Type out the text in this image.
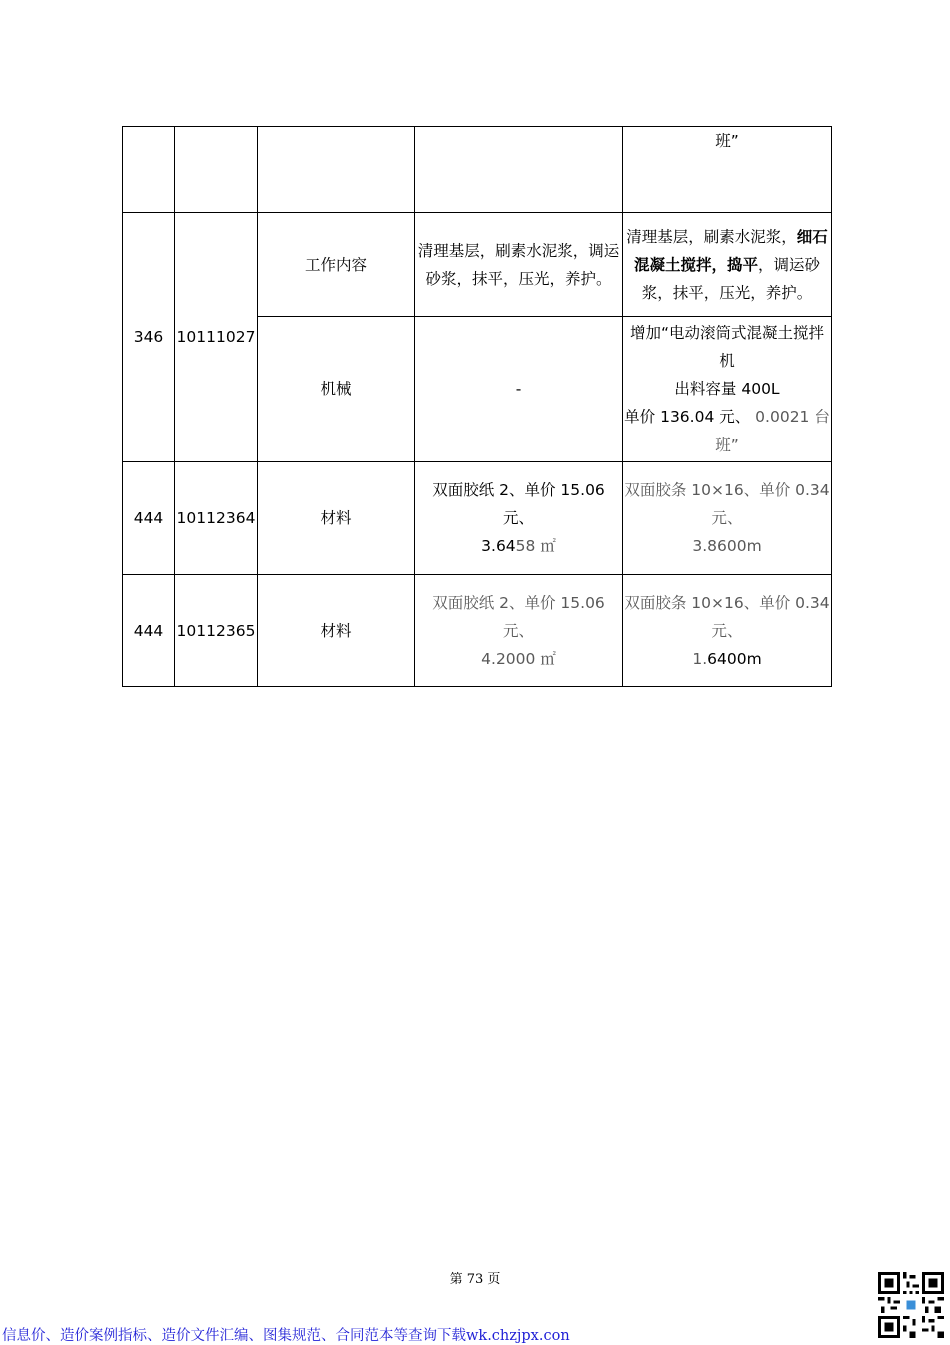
				班”
346	10111027	工作内容	清理基层，刷素水泥浆，调运砂浆，抹平，压光，养护。	清理基层，刷素水泥浆，细石混凝土搅拌，捣平，调运砂浆，抹平，压光，养护。
		机械	-	增加“电动滚筒式混凝土搅拌机
出料容量 400L
单价 136.04 元、 0.0021 台班”

444	10112364	材料	双面胶纸 2、单价 15.06 元、
3.6458 ㎡	双面胶条 10×16、单价 0.34 元、
3.8600m

444	10112365	材料	双面胶纸 2、单价 15.06 元、
4.2000 ㎡	双面胶条 10×16、单价 0.34 元、
1.6400m
第 73 页
信息价、造价案例指标、造价文件汇编、图集规范、合同范本等查询下载wk.chzjpx.con
